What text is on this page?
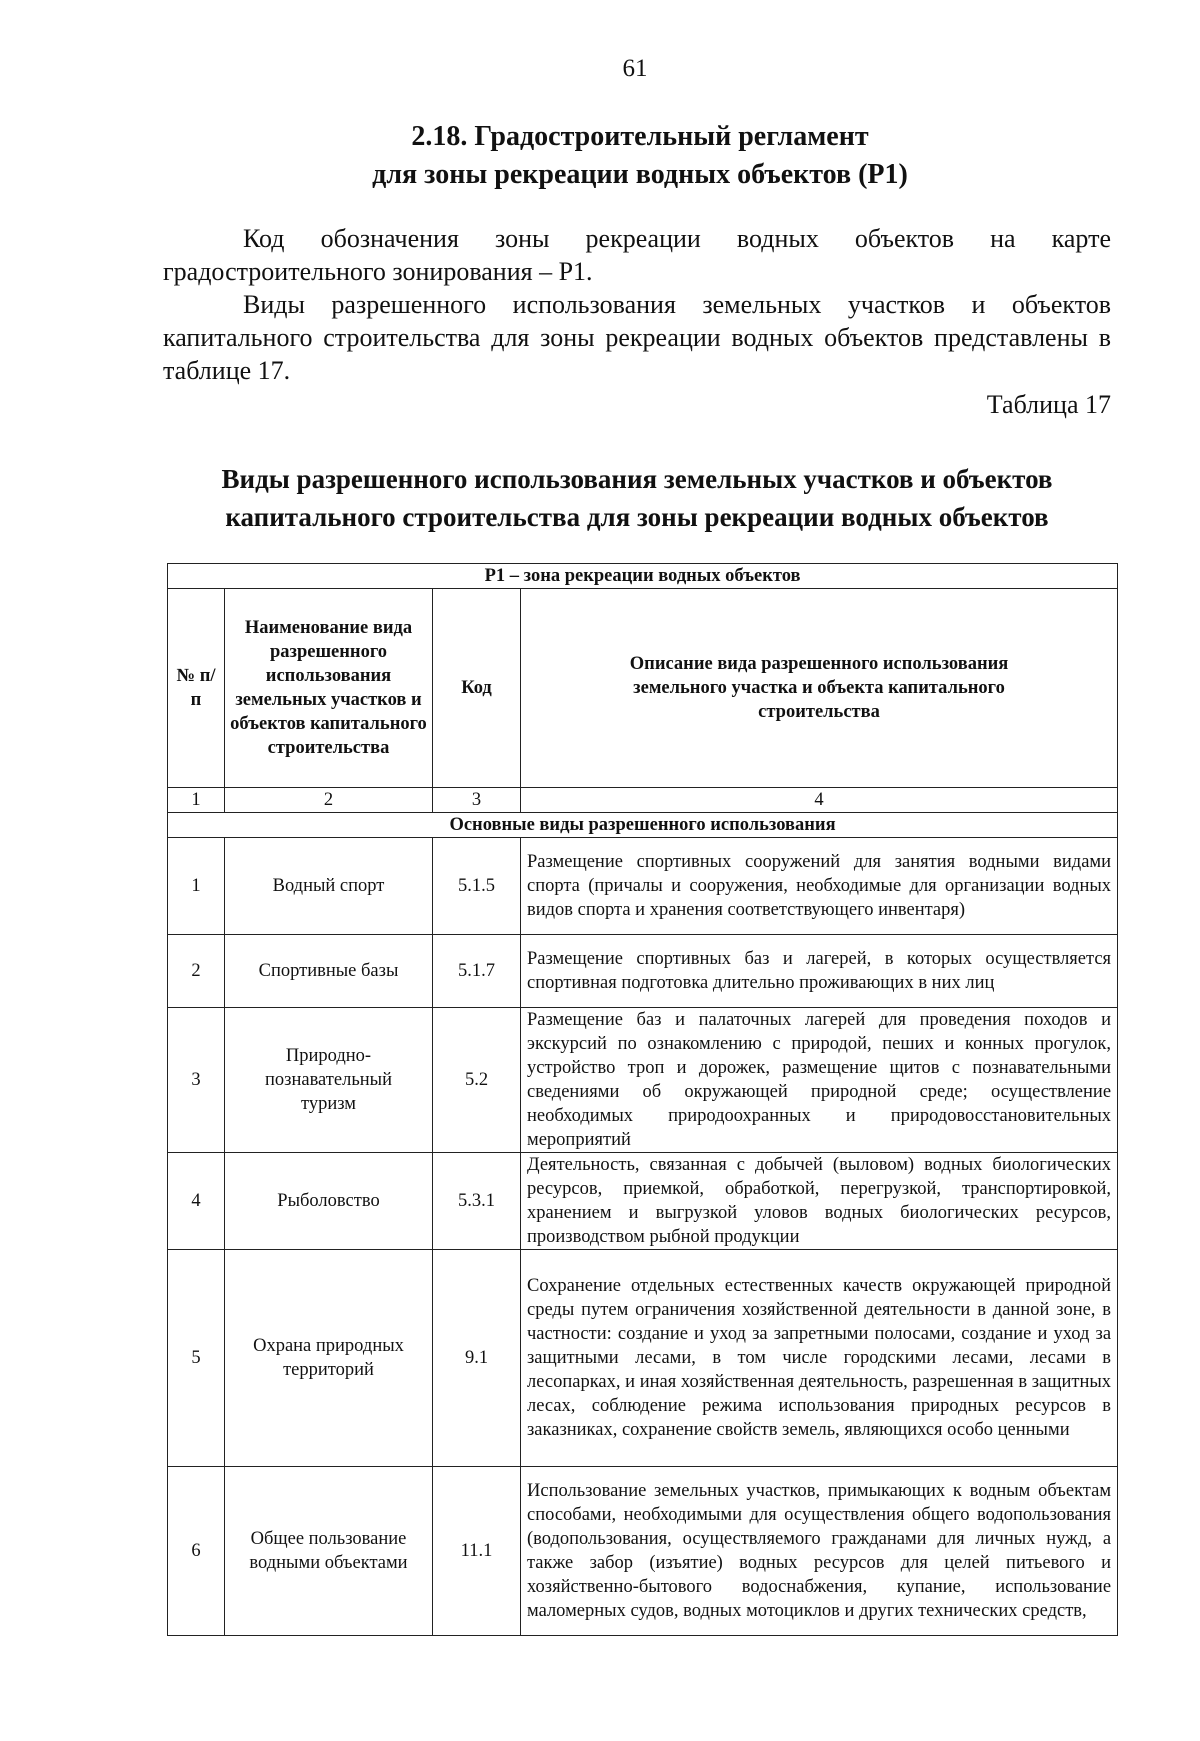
61
2.18. Градостроительный регламент
для зоны рекреации водных объектов (Р1)

Код обозначения зоны рекреации водных объектов на карте градостроительного зонирования – Р1.

Виды разрешенного использования земельных участков и объектов капитального строительства для зоны рекреации водных объектов представлены в таблице 17.

Таблица 17
Виды разрешенного использования земельных участков и объектов
капитального строительства для зоны рекреации водных объектов
Р1 – зона рекреации водных объектов			
№ п/п	Наименование вида разрешенного использования земельных участков и объектов капитального строительства	Код	Описание вида разрешенного использования земельного участка и объекта капитального строительства
1	2	3	4
Основные виды разрешенного использования			
1	Водный спорт	5.1.5	Размещение спортивных сооружений для занятия водными видами спорта (причалы и сооружения, необходимые для организации водных видов спорта и хранения соответствующего инвентаря)
2	Спортивные базы	5.1.7	Размещение спортивных баз и лагерей, в которых осуществляется спортивная подготовка длительно проживающих в них лиц
3	Природно-познавательный туризм	5.2	Размещение баз и палаточных лагерей для проведения походов и экскурсий по ознакомлению с природой, пеших и конных прогулок, устройство троп и дорожек, размещение щитов с познавательными сведениями об окружающей природной среде; осуществление необходимых природоохранных и природовосстановительных мероприятий
4	Рыболовство	5.3.1	Деятельность, связанная с добычей (выловом) водных биологических ресурсов, приемкой, обработкой, перегрузкой, транспортировкой, хранением и выгрузкой уловов водных биологических ресурсов, производством рыбной продукции
5	Охрана природных территорий	9.1	Сохранение отдельных естественных качеств окружающей природной среды путем ограничения хозяйственной деятельности в данной зоне, в частности: создание и уход за запретными полосами, создание и уход за защитными лесами, в том числе городскими лесами, лесами в лесопарках, и иная хозяйственная деятельность, разрешенная в защитных лесах, соблюдение режима использования природных ресурсов в заказниках, сохранение свойств земель, являющихся особо ценными
6	Общее пользование водными объектами	11.1	Использование земельных участков, примыкающих к водным объектам способами, необходимыми для осуществления общего водопользования (водопользования, осуществляемого гражданами для личных нужд, а также забор (изъятие) водных ресурсов для целей питьевого и хозяйственно-бытового водоснабжения, купание, использование маломерных судов, водных мотоциклов и других технических средств,
